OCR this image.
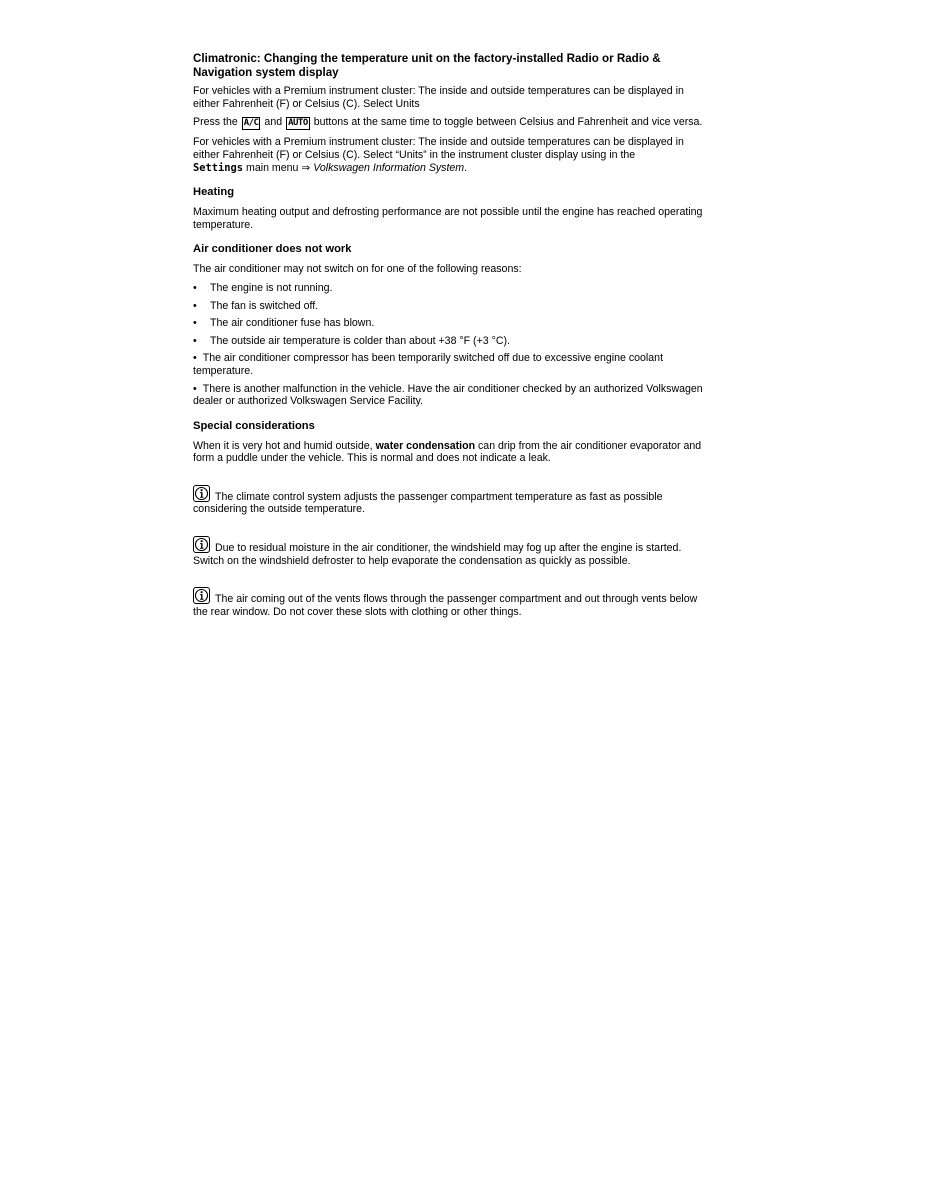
Climatronic: Changing the temperature unit on the factory-installed Radio or Radio & Navigation system display

For vehicles with a Premium instrument cluster: The inside and outside temperatures can be displayed in either Fahrenheit (F) or Celsius (C). Select Units

Press the A/C and AUTO buttons at the same time to toggle between Celsius and Fahrenheit and vice versa.

For vehicles with a Premium instrument cluster: The inside and outside temperatures can be displayed in either Fahrenheit (F) or Celsius (C). Select “Units” in the instrument cluster display using in the
Settings main menu ⇒ Volkswagen Information System.

Heating

Maximum heating output and defrosting performance are not possible until the engine has reached operating temperature.

Air conditioner does not work

The air conditioner may not switch on for one of the following reasons:

• The engine is not running.
• The fan is switched off.
• The air conditioner fuse has blown.
• The outside air temperature is colder than about +38 °F (+3 °C).
• The air conditioner compressor has been temporarily switched off due to excessive engine coolant temperature.
• There is another malfunction in the vehicle. Have the air conditioner checked by an authorized Volkswagen dealer or authorized Volkswagen Service Facility.
Special considerations

When it is very hot and humid outside, water condensation can drip from the air conditioner evaporator and form a puddle under the vehicle. This is normal and does not indicate a leak.

The climate control system adjusts the passenger compartment temperature as fast as possible considering the outside temperature.

Due to residual moisture in the air conditioner, the windshield may fog up after the engine is started. Switch on the windshield defroster to help evaporate the condensation as quickly as possible.

The air coming out of the vents flows through the passenger compartment and out through vents below the rear window. Do not cover these slots with clothing or other things.
